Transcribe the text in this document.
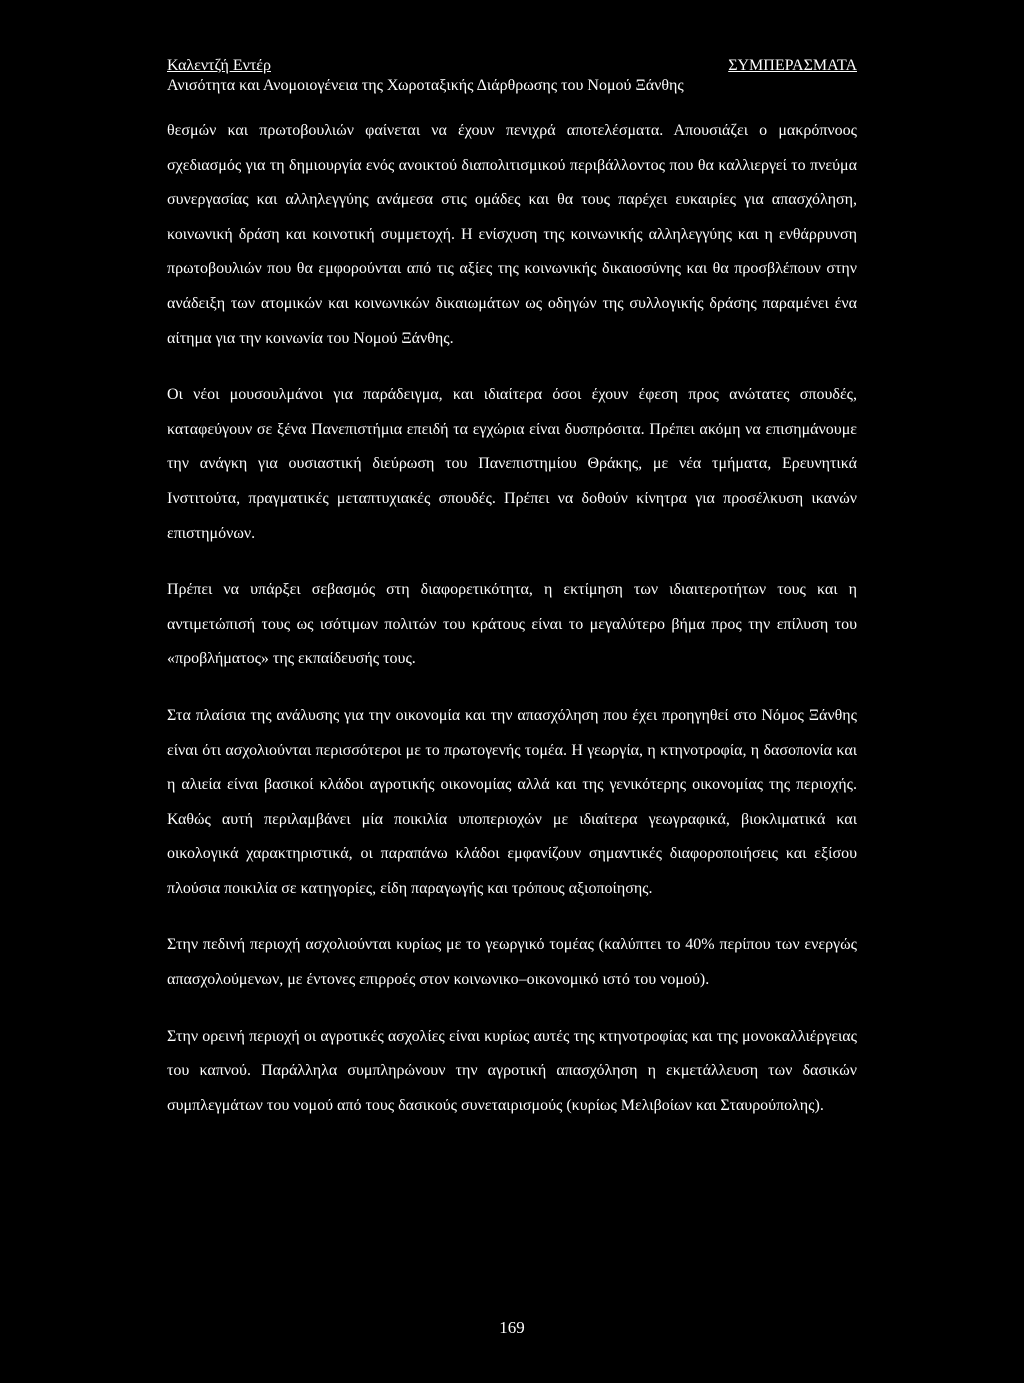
Καλεντζή Εντέρ	ΣΥΜΠΕΡΑΣΜΑΤΑ
Ανισότητα και Ανομοιογένεια της Χωροταξικής Διάρθρωσης του Νομού Ξάνθης

θεσμών και πρωτοβουλιών φαίνεται να έχουν πενιχρά αποτελέσματα. Απουσιάζει ο μακρόπνοος σχεδιασμός για τη δημιουργία ενός ανοικτού διαπολιτισμικού περιβάλλοντος που θα καλλιεργεί το πνεύμα συνεργασίας και αλληλεγγύης ανάμεσα στις ομάδες και θα τους παρέχει ευκαιρίες για απασχόληση, κοινωνική δράση και κοινοτική συμμετοχή. Η ενίσχυση της κοινωνικής αλληλεγγύης και η ενθάρρυνση πρωτοβουλιών που θα εμφορούνται από τις αξίες της κοινωνικής δικαιοσύνης και θα προσβλέπουν στην ανάδειξη των ατομικών και κοινωνικών δικαιωμάτων ως οδηγών της συλλογικής δράσης παραμένει ένα αίτημα για την κοινωνία του Νομού Ξάνθης.

Οι νέοι μουσουλμάνοι για παράδειγμα, και ιδιαίτερα όσοι έχουν έφεση προς ανώτατες σπουδές, καταφεύγουν σε ξένα Πανεπιστήμια επειδή τα εγχώρια είναι δυσπρόσιτα. Πρέπει ακόμη να επισημάνουμε την ανάγκη για ουσιαστική διεύρωση του Πανεπιστημίου Θράκης, με νέα τμήματα, Ερευνητικά Ινστιτούτα, πραγματικές μεταπτυχιακές σπουδές. Πρέπει να δοθούν κίνητρα για προσέλκυση ικανών επιστημόνων.

Πρέπει να υπάρξει σεβασμός στη διαφορετικότητα, η εκτίμηση των ιδιαιτεροτήτων τους και η αντιμετώπισή τους ως ισότιμων πολιτών του κράτους είναι το μεγαλύτερο βήμα προς την επίλυση του «προβλήματος» της εκπαίδευσής τους.

Στα πλαίσια της ανάλυσης για την οικονομία και την απασχόληση που έχει προηγηθεί στο Νόμος Ξάνθης είναι ότι ασχολιούνται περισσότεροι με το πρωτογενής τομέα. Η γεωργία, η κτηνοτροφία, η δασοπονία και η αλιεία είναι βασικοί κλάδοι αγροτικής οικονομίας αλλά και της γενικότερης οικονομίας της περιοχής. Καθώς αυτή περιλαμβάνει μία ποικιλία υποπεριοχών με ιδιαίτερα γεωγραφικά, βιοκλιματικά και οικολογικά χαρακτηριστικά, οι παραπάνω κλάδοι εμφανίζουν σημαντικές διαφοροποιήσεις και εξίσου πλούσια ποικιλία σε κατηγορίες, είδη παραγωγής και τρόπους αξιοποίησης.

Στην πεδινή περιοχή ασχολιούνται κυρίως με το γεωργικό τομέας (καλύπτει το 40% περίπου των ενεργώς απασχολούμενων, με έντονες επιρροές στον κοινωνικο–οικονομικό ιστό του νομού).

Στην ορεινή περιοχή οι αγροτικές ασχολίες είναι κυρίως αυτές της κτηνοτροφίας και της μονοκαλλιέργειας του καπνού. Παράλληλα συμπληρώνουν την αγροτική απασχόληση η εκμετάλλευση των δασικών συμπλεγμάτων του νομού από τους δασικούς συνεταιρισμούς (κυρίως Μελιβοίων και Σταυρούπολης).

169
